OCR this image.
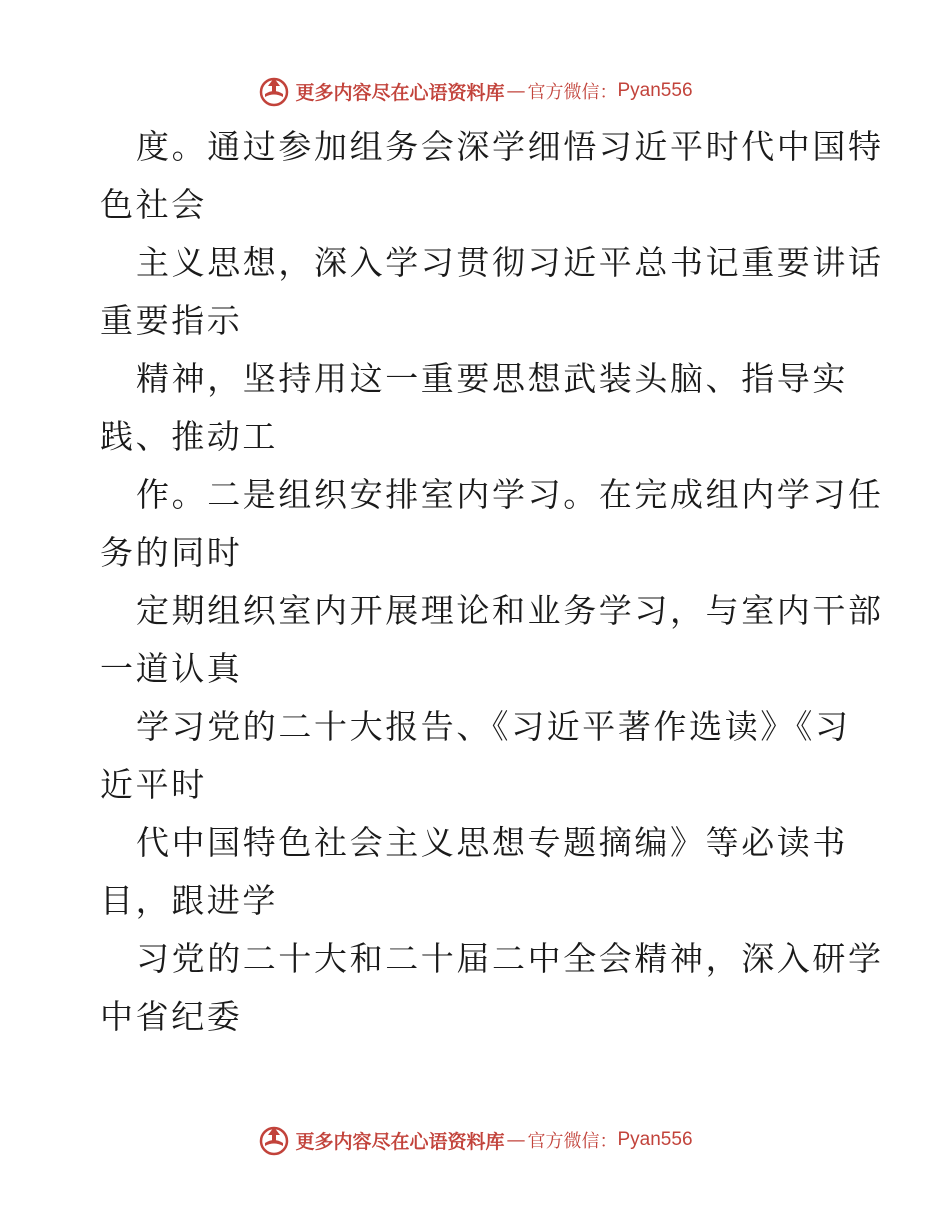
更多内容尽在心语资料库 — 官方微信： Pyan556
度。通过参加组务会深学细悟习近平时代中国特
色社会
主义思想，深入学习贯彻习近平总书记重要讲话
重要指示
精神，坚持用这一重要思想武装头脑、指导实
践、推动工
作。二是组织安排室内学习。在完成组内学习任
务的同时
定期组织室内开展理论和业务学习，与室内干部
一道认真
学习党的二十大报告、《习近平著作选读》《习
近平时
代中国特色社会主义思想专题摘编》等必读书
目，跟进学
习党的二十大和二十届二中全会精神，深入研学
中省纪委
更多内容尽在心语资料库 — 官方微信： Pyan556
